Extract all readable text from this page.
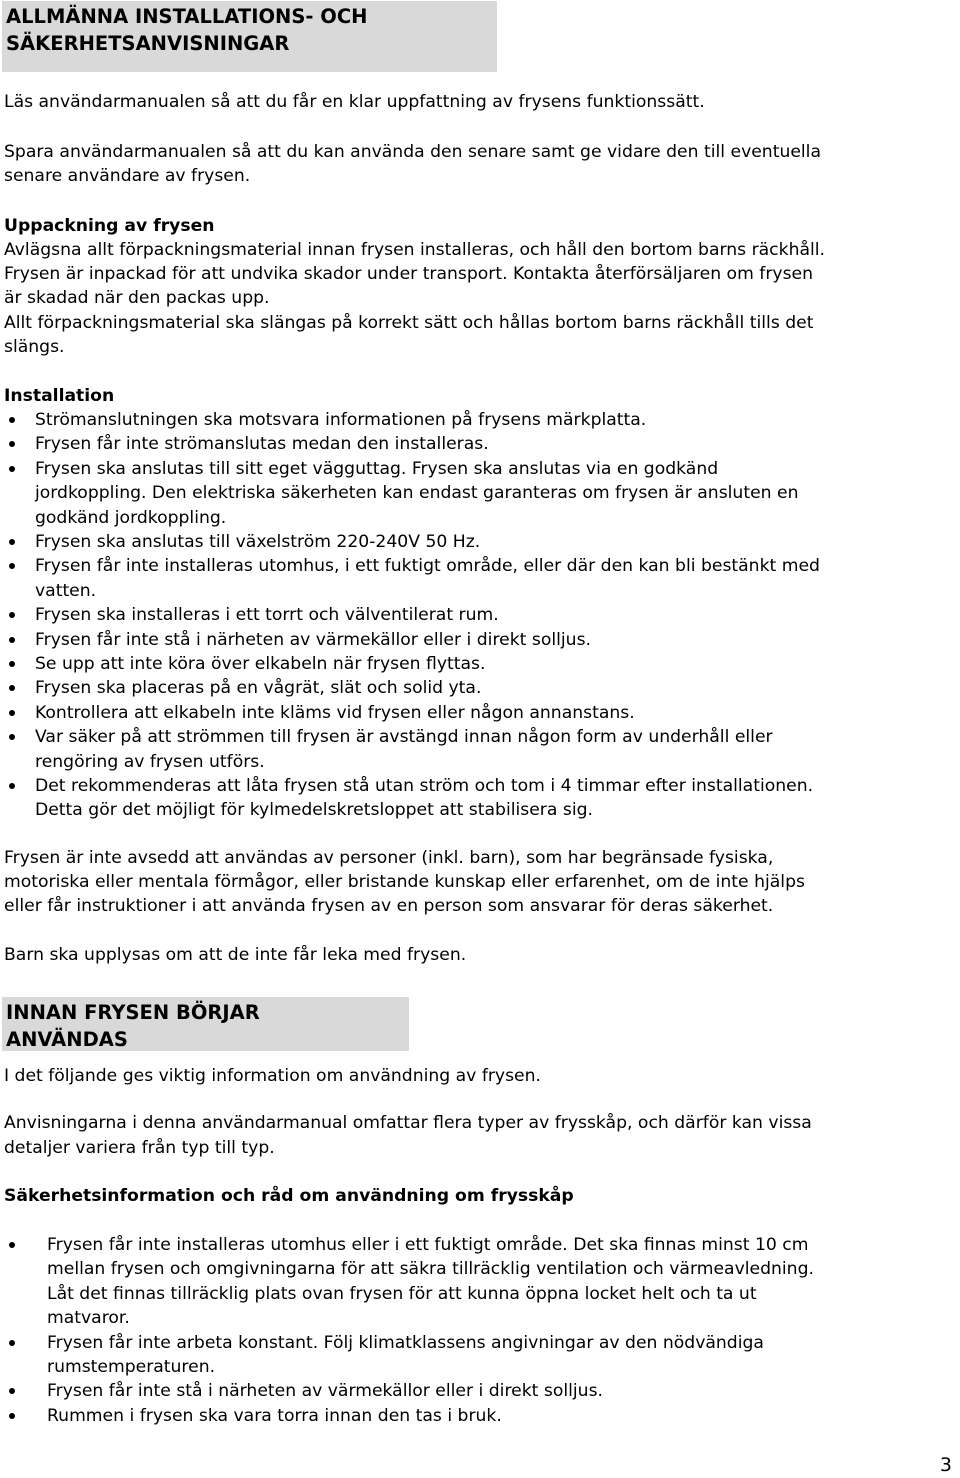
ALLMÄNNA INSTALLATIONS- OCH
SÄKERHETSANVISNINGAR
Läs användarmanualen så att du får en klar uppfattning av frysens funktionssätt.
Spara användarmanualen så att du kan använda den senare samt ge vidare den till eventuella
senare användare av frysen.
Uppackning av frysen
Avlägsna allt förpackningsmaterial innan frysen installeras, och håll den bortom barns räckhåll.
Frysen är inpackad för att undvika skador under transport. Kontakta återförsäljaren om frysen
är skadad när den packas upp.
Allt förpackningsmaterial ska slängas på korrekt sätt och hållas bortom barns räckhåll tills det
slängs.
Installation
Strömanslutningen ska motsvara informationen på frysens märkplatta.
Frysen får inte strömanslutas medan den installeras.
Frysen ska anslutas till sitt eget vägguttag. Frysen ska anslutas via en godkänd
jordkoppling. Den elektriska säkerheten kan endast garanteras om frysen är ansluten en
godkänd jordkoppling.
Frysen ska anslutas till växelström 220-240V 50 Hz.
Frysen får inte installeras utomhus, i ett fuktigt område, eller där den kan bli bestänkt med
vatten.
Frysen ska installeras i ett torrt och välventilerat rum.
Frysen får inte stå i närheten av värmekällor eller i direkt solljus.
Se upp att inte köra över elkabeln när frysen flyttas.
Frysen ska placeras på en vågrät, slät och solid yta.
Kontrollera att elkabeln inte kläms vid frysen eller någon annanstans.
Var säker på att strömmen till frysen är avstängd innan någon form av underhåll eller
rengöring av frysen utförs.
Det rekommenderas att låta frysen stå utan ström och tom i 4 timmar efter installationen.
Detta gör det möjligt för kylmedelskretsloppet att stabilisera sig.
Frysen är inte avsedd att användas av personer (inkl. barn), som har begränsade fysiska,
motoriska eller mentala förmågor, eller bristande kunskap eller erfarenhet, om de inte hjälps
eller får instruktioner i att använda frysen av en person som ansvarar för deras säkerhet.
Barn ska upplysas om att de inte får leka med frysen.
INNAN FRYSEN BÖRJAR
ANVÄNDAS
I det följande ges viktig information om användning av frysen.
Anvisningarna i denna användarmanual omfattar flera typer av frysskåp, och därför kan vissa
detaljer variera från typ till typ.
Säkerhetsinformation och råd om användning om frysskåp
Frysen får inte installeras utomhus eller i ett fuktigt område. Det ska finnas minst 10 cm
mellan frysen och omgivningarna för att säkra tillräcklig ventilation och värmeavledning.
Låt det finnas tillräcklig plats ovan frysen för att kunna öppna locket helt och ta ut
matvaror.
Frysen får inte arbeta konstant. Följ klimatklassens angivningar av den nödvändiga
rumstemperaturen.
Frysen får inte stå i närheten av värmekällor eller i direkt solljus.
Rummen i frysen ska vara torra innan den tas i bruk.
3
